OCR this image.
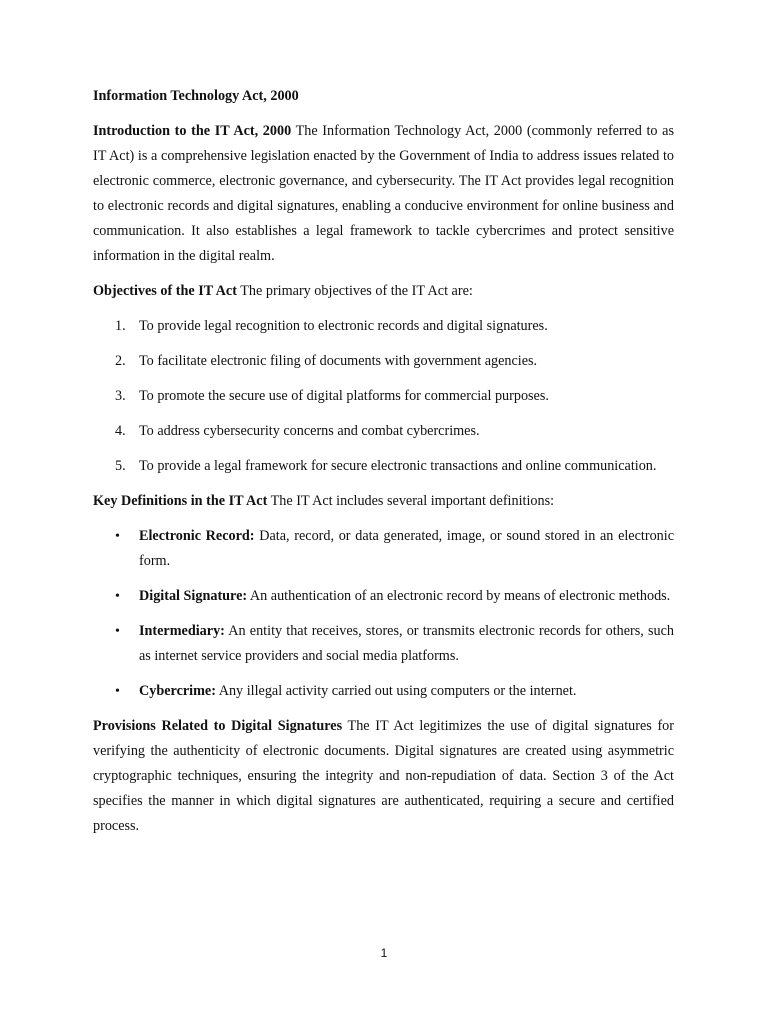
Information Technology Act, 2000
Introduction to the IT Act, 2000 The Information Technology Act, 2000 (commonly referred to as IT Act) is a comprehensive legislation enacted by the Government of India to address issues related to electronic commerce, electronic governance, and cybersecurity. The IT Act provides legal recognition to electronic records and digital signatures, enabling a conducive environment for online business and communication. It also establishes a legal framework to tackle cybercrimes and protect sensitive information in the digital realm.
Objectives of the IT Act The primary objectives of the IT Act are:
1. To provide legal recognition to electronic records and digital signatures.
2. To facilitate electronic filing of documents with government agencies.
3. To promote the secure use of digital platforms for commercial purposes.
4. To address cybersecurity concerns and combat cybercrimes.
5. To provide a legal framework for secure electronic transactions and online communication.
Key Definitions in the IT Act The IT Act includes several important definitions:
• Electronic Record: Data, record, or data generated, image, or sound stored in an electronic form.
• Digital Signature: An authentication of an electronic record by means of electronic methods.
• Intermediary: An entity that receives, stores, or transmits electronic records for others, such as internet service providers and social media platforms.
• Cybercrime: Any illegal activity carried out using computers or the internet.
Provisions Related to Digital Signatures The IT Act legitimizes the use of digital signatures for verifying the authenticity of electronic documents. Digital signatures are created using asymmetric cryptographic techniques, ensuring the integrity and non-repudiation of data. Section 3 of the Act specifies the manner in which digital signatures are authenticated, requiring a secure and certified process.
1
